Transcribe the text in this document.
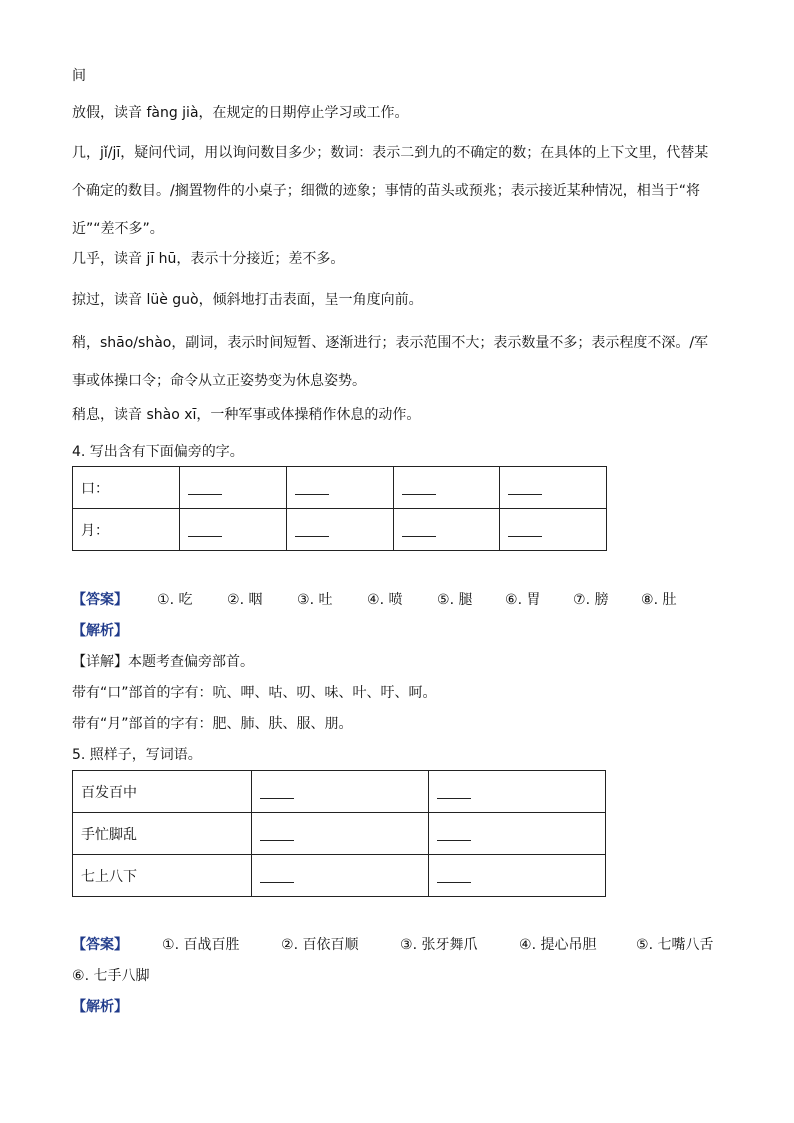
间
放假，读音 fàng jià，在规定的日期停止学习或工作。
几，jǐ/jī，疑问代词，用以询问数目多少；数词：表示二到九的不确定的数；在具体的上下文里，代替某个确定的数目。/搁置物件的小桌子；细微的迹象；事情的苗头或预兆；表示接近某种情况，相当于“将近”“差不多”。
几乎，读音 jī hū，表示十分接近；差不多。
掠过，读音 lüè guò，倾斜地打击表面，呈一角度向前。
稍，shāo/shào，副词，表示时间短暂、逐渐进行；表示范围不大；表示数量不多；表示程度不深。/军事或体操口令；命令从立正姿势变为休息姿势。
稍息，读音 shào xī，一种军事或体操稍作休息的动作。
4. 写出含有下面偏旁的字。
口：				
月：				
【答案】 ①. 吃 ②. 咽 ③. 吐 ④. 喷 ⑤. 腿 ⑥. 胃 ⑦. 膀 ⑧. 肚
【解析】
【详解】本题考查偏旁部首。
带有“口”部首的字有：吭、呷、咕、叨、味、叶、吁、呵。
带有“月”部首的字有：肥、肺、肤、服、朋。
5. 照样子，写词语。
百发百中		
手忙脚乱		
七上八下		
【答案】 ①. 百战百胜	②. 百依百顺	③. 张牙舞爪	④. 提心吊胆	⑤. 七嘴八舌
⑥. 七手八脚
【解析】
